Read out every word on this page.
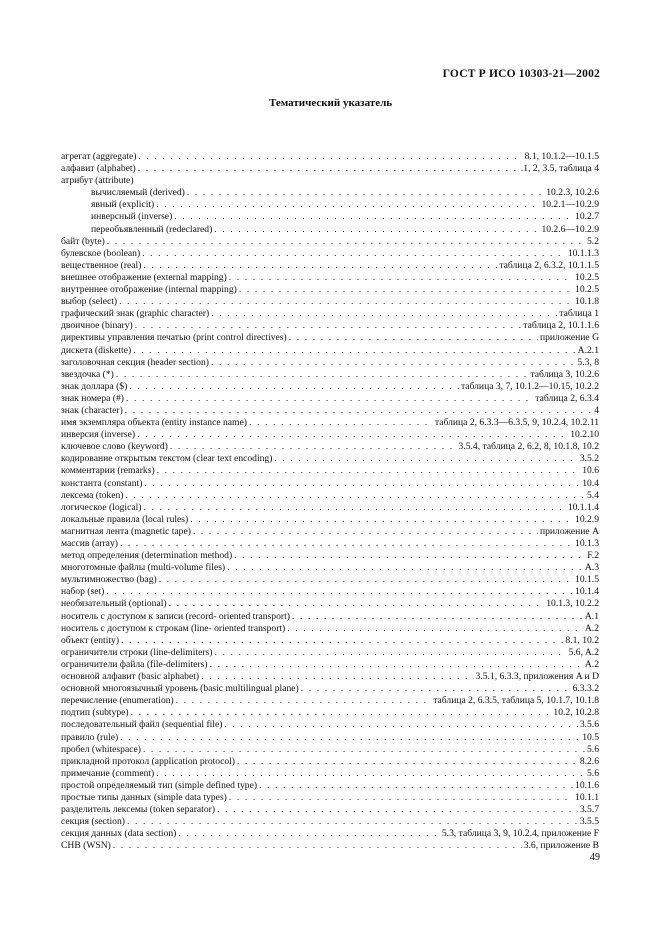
ГОСТ Р ИСО 10303-21—2002
Тематический указатель
агрегат (aggregate) . . .	8.1, 10.1.2—10.1.5
алфавит (alphabet) . . .	.1, 2, 3.5, таблица 4
атрибут (attribute)
вычисляемый (derived) . . .	10.2.3, 10.2.6
явный (explicit) . . .	10.2.1—10.2.9
инверсный (inverse) . . .	10.2.7
переобъявленный (redeclared) . . .	10.2.6—10.2.9
байт (byte) . . .	5.2
булевское (boolean) . . .	10.1.1.3
вещественное (real) . . .	таблица 2, 6.3.2, 10.1.1.5
внешнее отображение (external mapping) . . .	10.2.5
внутреннее отображение (internal mapping) . . .	10.2.5
выбор (select) . . .	10.1.8
графический знак (graphic character) . . .	таблица 1
двоичное (binary) . . .	таблица 2, 10.1.1.6
директивы управления печатью (print control directives) . . .	приложение G
дискета (diskette) . . .	A.2.1
заголовочная секция (header section) . . .	5.3, 8
звездочка (*) . . .	таблица 3, 10.2.6
знак доллара ($) . . .	таблица 3, 7, 10.1.2—10.15, 10.2.2
знак номера (#) . . .	таблица 2, 6.3.4
знак (character) . . .	4
имя экземпляра объекта (entity instance name) . . .	таблица 2, 6.3.3—6.3.5, 9, 10.2.4, 10.2.11
инверсия (inverse) . . .	10.2.10
ключевое слово (keyword) . . .	3.5.4, таблица 2, 6.2, 8, 10.1.8, 10.2
кодирование открытым текстом (clear text encoding) . . .	3.5.2
комментарии (remarks) . . .	10.6
константа (constant) . . .	10.4
лексема (token) . . .	5.4
логическое (logical) . . .	10.1.1.4
локальные правила (local rules) . . .	10.2.9
магнитная лента (magnetic tape) . . .	приложение A
массив (array) . . .	10.1.3
метод определения (determination method) . . .	F.2
многотомные файлы (multi-volume files) . . .	A.3
мультимножество (bag) . . .	10.1.5
набор (set) . . .	10.1.4
необязательный (optional) . . .	10.1.3, 10.2.2
носитель с доступом к записи (record- oriented transport) . . .	A.1
носитель с доступом к строкам (line- oriented transport) . . .	A.2
объект (entity) . . .	8.1, 10.2
ограничители строки (line-delimiters) . . .	5.6, A.2
ограничители файла (file-delimiters) . . .	A.2
основной алфавит (basic alphabet) . . .	3.5.1, 6.3.3, приложения A и D
основной многоязычный уровень (basic multilingual plane) . . .	6.3.3.2
перечисление (enumeration) . . .	таблица 2, 6.3.5, таблица 5, 10.1.7, 10.1.8
подтип (subtype) . . .	10.2, 10.2.8
последовательный файл (sequential file) . . .	3.5.6
правило (rule) . . .	10.5
пробел (whitespace) . . .	5.6
прикладной протокол (application protocol) . . .	8.2.6
примечание (comment) . . .	5.6
простой определяемый тип (simple defined type) . . .	10.1.6
простые типы данных (simple data types) . . .	10.1.1
разделитель лексемы (token separator) . . .	3.5.7
секция (section) . . .	3.5.5
секция данных (data section) . . .	5.3, таблица 3, 9, 10.2.4, приложение F
СНВ (WSN) . . .	3.6, приложение B
49
